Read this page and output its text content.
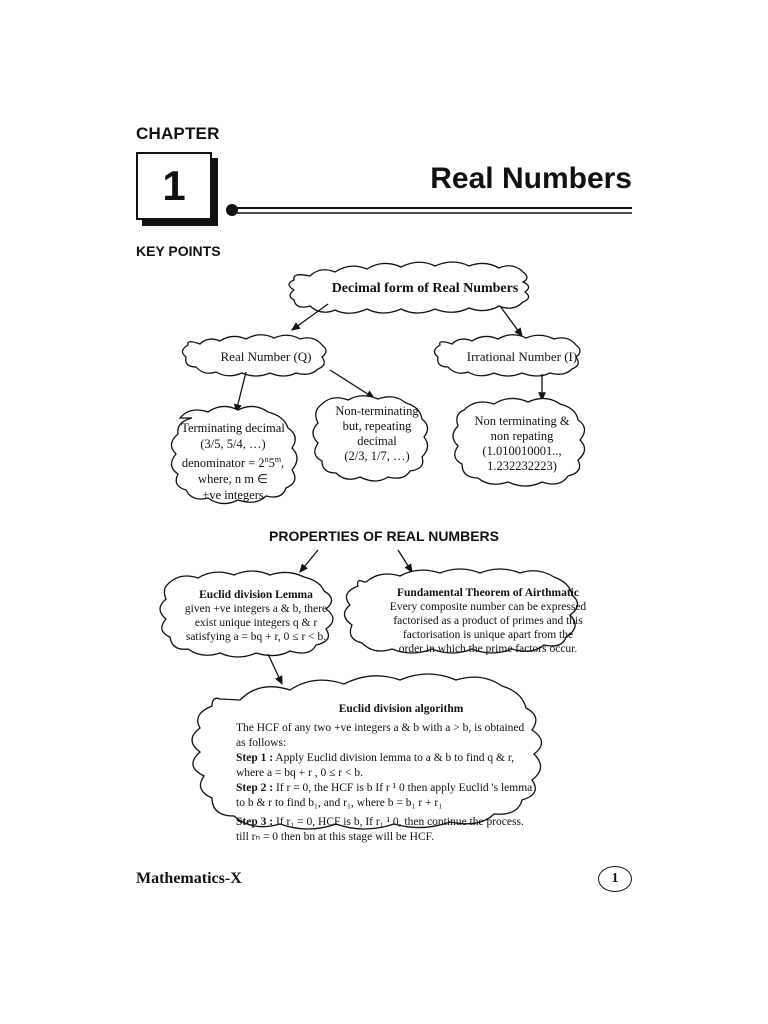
CHAPTER
1	Real Numbers
KEY POINTS
Decimal form of Real Numbers
Real Number (Q)	Irrational Number (I)
Terminating decimal
(3/5, 5/4, …)
denominator = $2^n5^m$,
where, n m ∈
+ve integers
Non-terminating
but, repeating
decimal
(2/3, 1/7, …)
Non terminating &
non repating
(1.010010001..,
1.232232223)
PROPERTIES OF REAL NUMBERS
Euclid division Lemma
given +ve integers a & b, there
exist unique integers q & r
satisfying a = bq + r, 0 ≤ r < b.
Fundamental Theorem of Airthmatic
Every composite number can be expressed
factorised as a product of primes and this
factorisation is unique apart from the
order in which the prime factors occur.
Euclid division algorithm
The HCF of any two +ve integers a & b with a > b, is obtained
as follows:
Step 1 : Apply Euclid division lemma to a & b to find q & r,
where a = bq + r , 0 ≤ r < b.
Step 2 : If r = 0, the HCF is b If r ¹ 0 then apply Euclid 's lemma
to b & r to find b₁, and r₁, where b = b₁ r + r₁
Step 3 : If r₁ = 0, HCF is b, If r₁ ¹ 0, then continue the process.
till rₙ = 0 then bn at this stage will be HCF.
Mathematics-X	1
